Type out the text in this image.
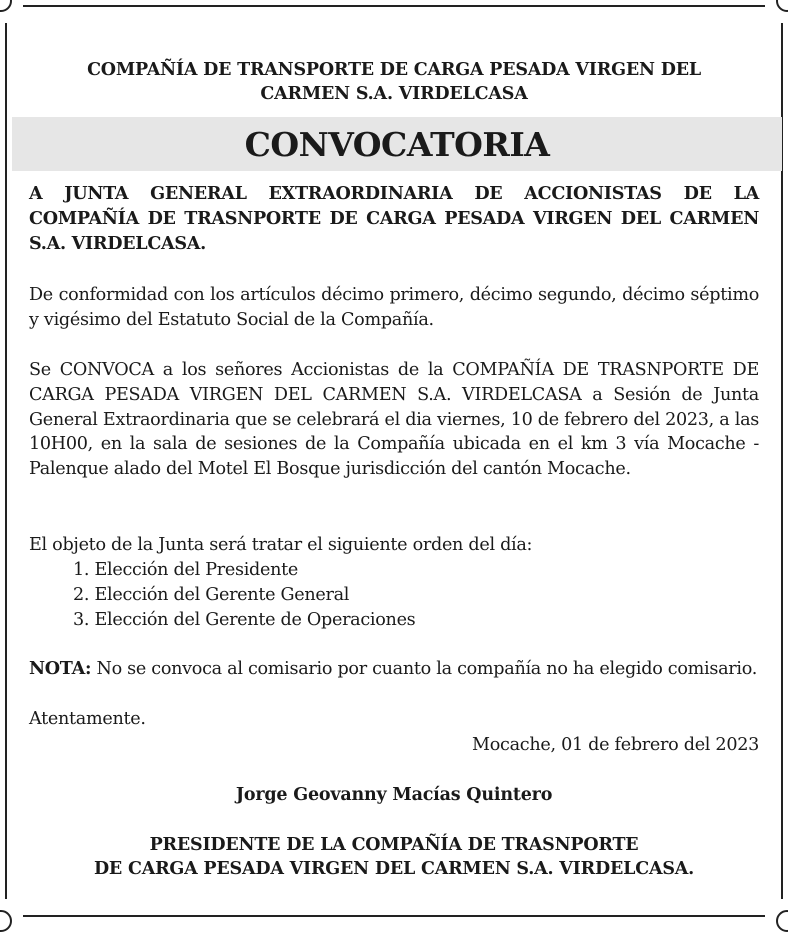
COMPAÑÍA DE TRANSPORTE DE CARGA PESADA VIRGEN DEL
CARMEN S.A. VIRDELCASA
CONVOCATORIA
A JUNTA GENERAL EXTRAORDINARIA DE ACCIONISTAS DE LA COMPAÑÍA DE TRASNPORTE DE CARGA PESADA VIRGEN DEL CARMEN S.A. VIRDELCASA.
De conformidad con los artículos décimo primero, décimo segundo, décimo séptimo y vigésimo del Estatuto Social de la Compañía.
Se CONVOCA a los señores Accionistas de la COMPAÑÍA DE TRASNPORTE DE CARGA PESADA VIRGEN DEL CARMEN S.A. VIRDELCASA a Sesión de Junta General Extraordinaria que se celebrará el dia viernes, 10 de febrero del 2023, a las 10H00, en la sala de sesiones de la Compañía ubicada en el km 3 vía Mocache - Palenque alado del Motel El Bosque jurisdicción del cantón Mocache.
El objeto de la Junta será tratar el siguiente orden del día:
1. Elección del Presidente
2. Elección del Gerente General
3. Elección del Gerente de Operaciones
NOTA: No se convoca al comisario por cuanto la compañía no ha elegido comisario.
Atentamente.
Mocache, 01 de febrero del 2023
Jorge Geovanny Macías Quintero
PRESIDENTE DE LA COMPAÑÍA DE TRASNPORTE
DE CARGA PESADA VIRGEN DEL CARMEN S.A. VIRDELCASA.
